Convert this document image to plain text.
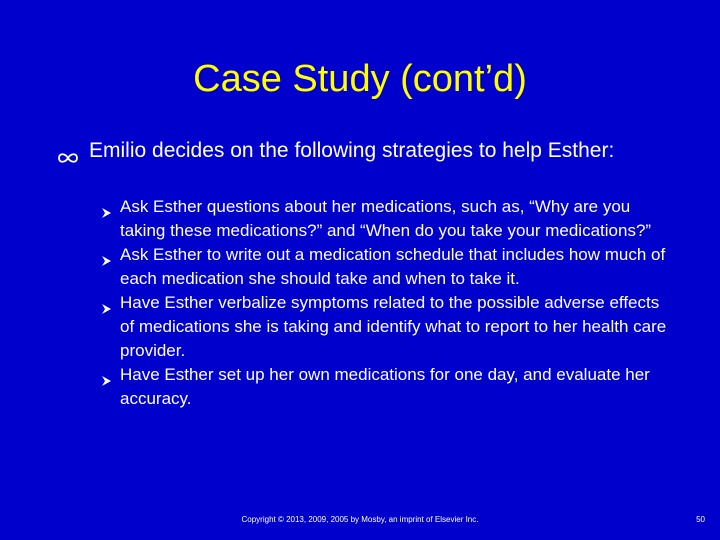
Case Study (cont’d)
Emilio decides on the following strategies to help Esther:
Ask Esther questions about her medications, such as, “Why are you taking these medications?” and “When do you take your medications?”
Ask Esther to write out a medication schedule that includes how much of each medication she should take and when to take it.
Have Esther verbalize symptoms related to the possible adverse effects of medications she is taking and identify what to report to her health care provider.
Have Esther set up her own medications for one day, and evaluate her accuracy.
Copyright © 2013, 2009, 2005 by Mosby, an imprint of Elsevier Inc.	50
